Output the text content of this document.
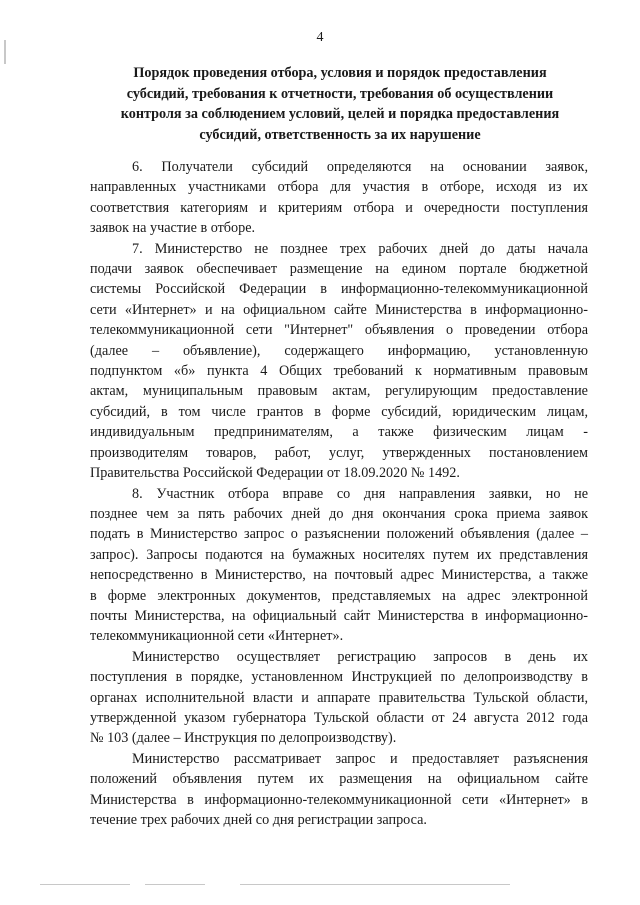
4
Порядок проведения отбора, условия и порядок предоставления
субсидий, требования к отчетности, требования об осуществлении
контроля за соблюдением условий, целей и порядка предоставления
субсидий, ответственность за их нарушение

6. Получатели субсидий определяются на основании заявок,
направленных участниками отбора для участия в отборе, исходя из их
соответствия категориям и критериям отбора и очередности поступления
заявок на участие в отборе.

7. Министерство не позднее трех рабочих дней до даты начала
подачи заявок обеспечивает размещение на едином портале бюджетной
системы Российской Федерации в информационно-телекоммуникационной
сети «Интернет» и на официальном сайте Министерства в информационно-
телекоммуникационной сети "Интернет" объявления о проведении отбора
(далее – объявление), содержащего информацию, установленную
подпунктом «б» пункта 4 Общих требований к нормативным правовым
актам, муниципальным правовым актам, регулирующим предоставление
субсидий, в том числе грантов в форме субсидий, юридическим лицам,
индивидуальным предпринимателям, а также физическим лицам -
производителям товаров, работ, услуг, утвержденных постановлением
Правительства Российской Федерации от 18.09.2020 № 1492.

8. Участник отбора вправе со дня направления заявки, но не
позднее чем за пять рабочих дней до дня окончания срока приема заявок
подать в Министерство запрос о разъяснении положений объявления (далее –
запрос). Запросы подаются на бумажных носителях путем их представления
непосредственно в Министерство, на почтовый адрес Министерства, а также
в форме электронных документов, представляемых на адрес электронной
почты Министерства, на официальный сайт Министерства в информационно-
телекоммуникационной сети «Интернет».

Министерство осуществляет регистрацию запросов в день их
поступления в порядке, установленном Инструкцией по делопроизводству в
органах исполнительной власти и аппарате правительства Тульской области,
утвержденной указом губернатора Тульской области от 24 августа 2012 года
№ 103 (далее – Инструкция по делопроизводству).

Министерство рассматривает запрос и предоставляет разъяснения
положений объявления путем их размещения на официальном сайте
Министерства в информационно-телекоммуникационной сети «Интернет» в
течение трех рабочих дней со дня регистрации запроса.
